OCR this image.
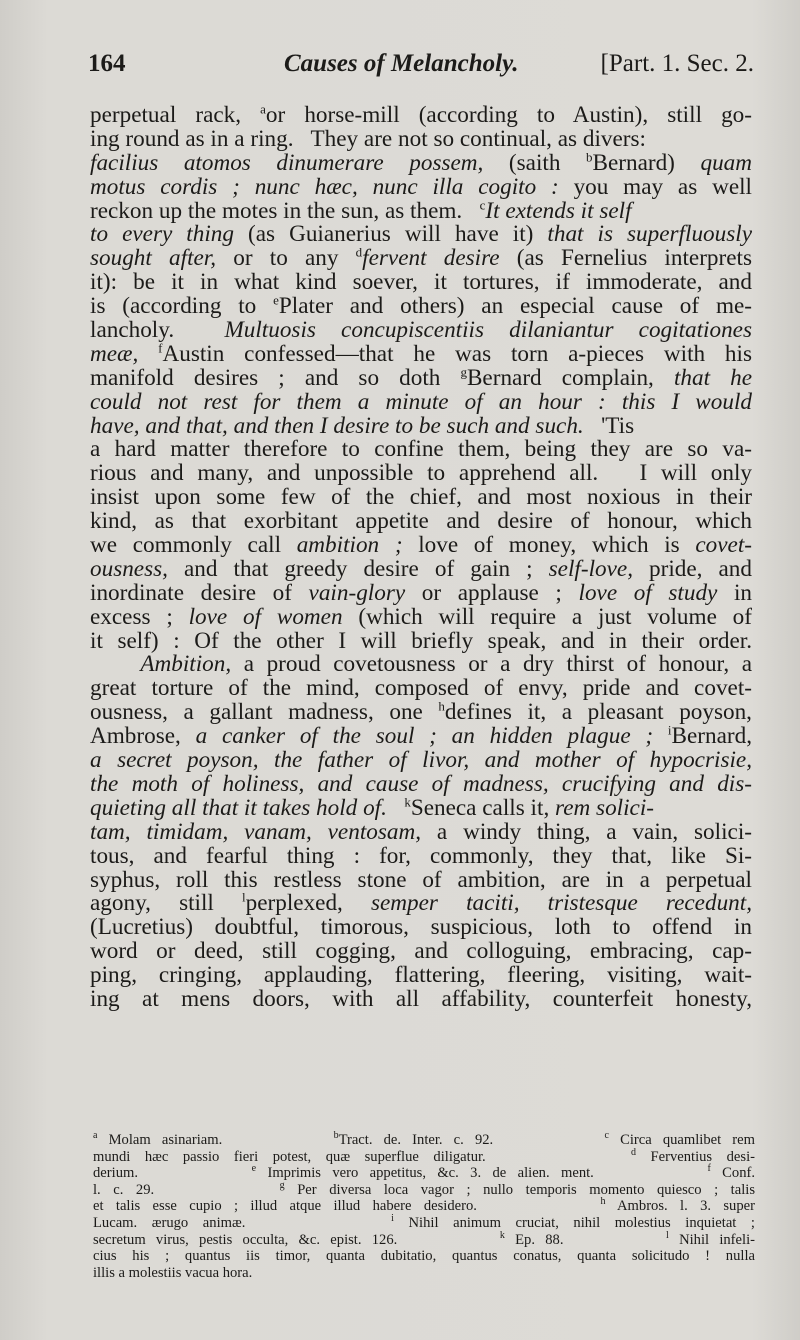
164	Causes of Melancholy.	[Part. 1. Sec. 2.
perpetual rack, $^a$or horse-mill (according to Austin), still go-
ing round as in a ring.   They are not so continual, as divers:
facilius atomos dinumerare possem, (saith $^b$Bernard) quam
motus cordis ; nunc hæc, nunc illa cogito : you may as well
reckon up the motes in the sun, as them.   $^c$It extends it self
to every thing (as Guianerius will have it) that is superfluously
sought after, or to any $^d$fervent desire (as Fernelius interprets
it): be it in what kind soever, it tortures, if immoderate, and
is (according to $^e$Plater and others) an especial cause of me-
lancholy.  Multuosis concupiscentiis dilaniantur cogitationes
meæ, $^f$Austin confessed—that he was torn a-pieces with his
manifold desires ; and so doth $^g$Bernard complain, that he
could not rest for them a minute of an hour : this I would
have, and that, and then I desire to be such and such.   'Tis
a hard matter therefore to confine them, being they are so va-
rious and many, and unpossible to apprehend all.   I will only
insist upon some few of the chief, and most noxious in their
kind, as that exorbitant appetite and desire of honour, which
we commonly call ambition ; love of money, which is covet-
ousness, and that greedy desire of gain ; self-love, pride, and
inordinate desire of vain-glory or applause ; love of study in
excess ; love of women (which will require a just volume of
it self) : Of the other I will briefly speak, and in their order.
Ambition, a proud covetousness or a dry thirst of honour, a
great torture of the mind, composed of envy, pride and covet-
ousness, a gallant madness, one $^h$defines it, a pleasant poyson,
Ambrose, a canker of the soul ; an hidden plague ; $^i$Bernard,
a secret poyson, the father of livor, and mother of hypocrisie,
the moth of holiness, and cause of madness, crucifying and dis-
quieting all that it takes hold of. $^k$Seneca calls it, rem solici-
tam, timidam, vanam, ventosam, a windy thing, a vain, solici-
tous, and fearful thing : for, commonly, they that, like Si-
syphus, roll this restless stone of ambition, are in a perpetual
agony, still $^l$perplexed, semper taciti, tristesque recedunt,
(Lucretius) doubtful, timorous, suspicious, loth to offend in
word or deed, still cogging, and colloguing, embracing, cap-
ping, cringing, applauding, flattering, fleering, visiting, wait-
ing at mens doors, with all affability, counterfeit honesty,
$^a$ Molam asinariam.          $^b$Tract. de. Inter. c. 92.          $^c$ Circa quamlibet rem
mundi hæc passio fieri potest, quæ superflue diligatur.          $^d$ Ferventius desi-
derium.          $^e$ Imprimis vero appetitus, &c. 3. de alien. ment.          $^f$ Conf.
l. c. 29.          $^g$ Per diversa loca vagor ; nullo temporis momento quiesco ; talis
et talis esse cupio ; illud atque illud habere desidero.          $^h$ Ambros. l. 3. super
Lucam. ærugo animæ.          $^i$ Nihil animum cruciat, nihil molestius inquietat ;
secretum virus, pestis occulta, &c. epist. 126.          $^k$ Ep. 88.          $^l$ Nihil infeli-
cius his ; quantus iis timor, quanta dubitatio, quantus conatus, quanta solicitudo ! nulla
illis a molestiis vacua hora.
